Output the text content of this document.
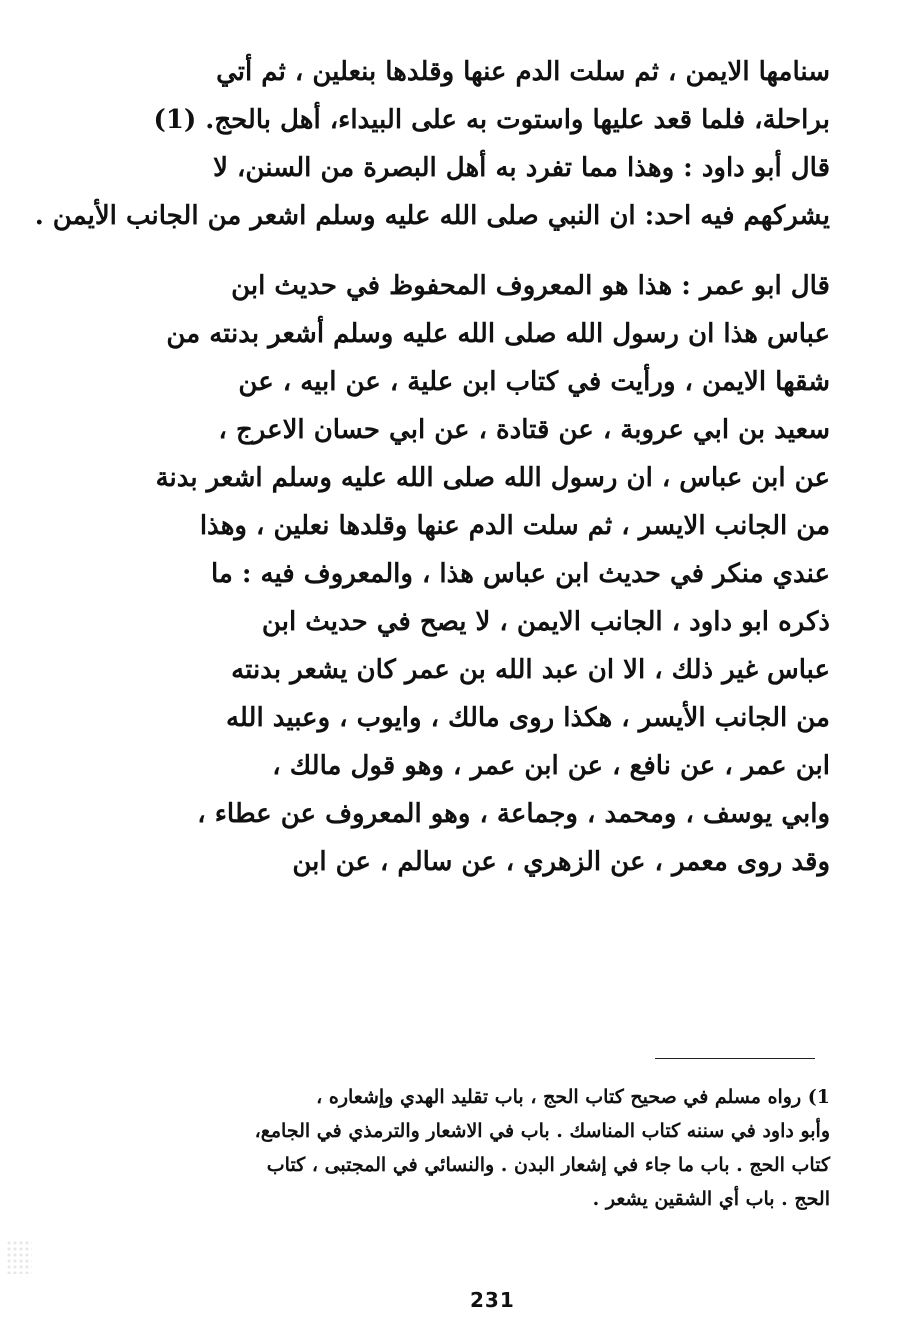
سنامها الايمن ، ثم سلت الدم عنها وقلدها بنعلين ، ثم أتي
براحلة، فلما قعد عليها واستوت به على البيداء، أهل بالحج. (1)
قال أبو داود : وهذا مما تفرد به أهل البصرة من السنن، لا
يشركهم فيه احد: ان النبي صلى الله عليه وسلم اشعر من الجانب الأيمن .
قال ابو عمر : هذا هو المعروف المحفوظ في حديث ابن
عباس هذا ان رسول الله صلى الله عليه وسلم أشعر بدنته من
شقها الايمن ، ورأيت في كتاب ابن علية ، عن ابيه ، عن
سعيد بن ابي عروبة ، عن قتادة ، عن ابي حسان الاعرج ،
عن ابن عباس ، ان رسول الله صلى الله عليه وسلم اشعر بدنة
من الجانب الايسر ، ثم سلت الدم عنها وقلدها نعلين ، وهذا
عندي منكر في حديث ابن عباس هذا ، والمعروف فيه : ما
ذكره ابو داود ، الجانب الايمن ، لا يصح في حديث ابن
عباس غير ذلك ، الا ان عبد الله بن عمر كان يشعر بدنته
من الجانب الأيسر ، هكذا روى مالك ، وايوب ، وعبيد الله
ابن عمر ، عن نافع ، عن ابن عمر ، وهو قول مالك ،
وابي يوسف ، ومحمد ، وجماعة ، وهو المعروف عن عطاء ،
وقد روى معمر ، عن الزهري ، عن سالم ، عن ابن
1) رواه مسلم في صحيح كتاب الحج ، باب تقليد الهدي وإشعاره ،
وأبو داود في سننه كتاب المناسك . باب في الاشعار والترمذي في الجامع،
كتاب الحج . باب ما جاء في إشعار البدن . والنسائي في المجتبى ، كتاب
الحج . باب أي الشقين يشعر .
231
